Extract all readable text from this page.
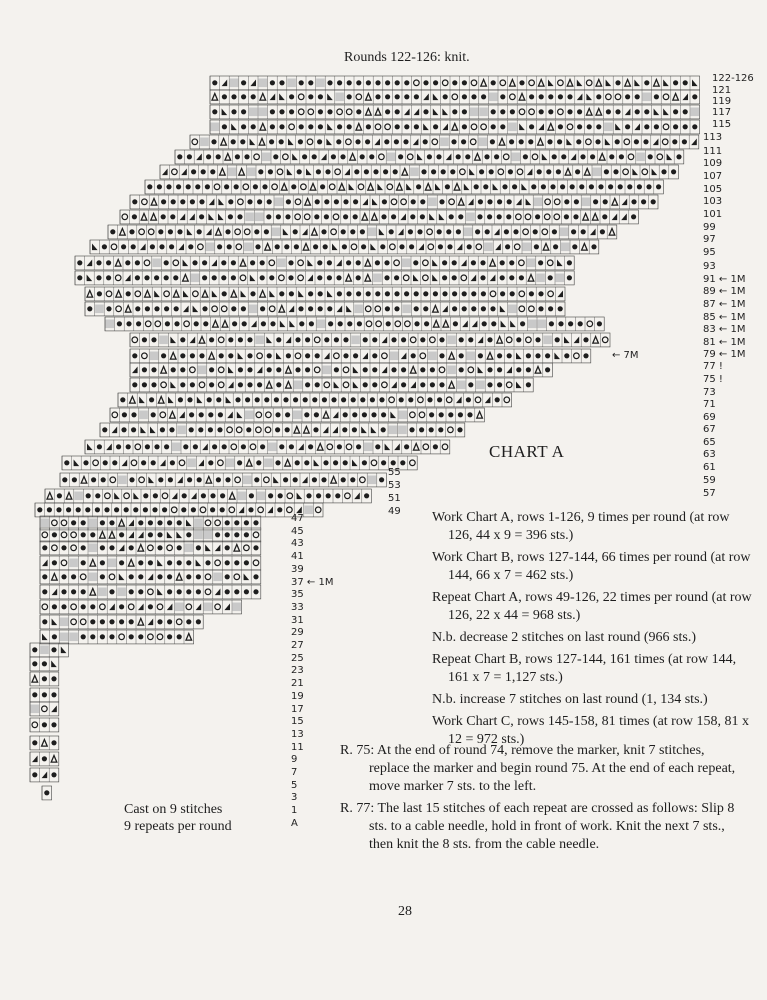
Rounds 122-126: knit.
122-126
121
119
117
115
113
111
109
107
105
103
101
99
97
95
93
91 ← 1M
89 ← 1M
87 ← 1M
85 ← 1M
83 ← 1M
81 ← 1M
79 ← 1M
77 !
75 !
73
71
69
67
65
63
61
59
57
← 7M
55
53
51
49
47
45
43
41
39
37 ← 1M
35
33
31
29
27
25
23
21
19
17
15
13
11
9
7
5
3
1
A
CHART A

Work Chart A, rows 1-126, 9 times per round (at row 126, 44 x 9 = 396 sts.)

Work Chart B, rows 127-144, 66 times per round (at row 144, 66 x 7 = 462 sts.)

Repeat Chart A, rows 49-126, 22 times per round (at row 126, 22 x 44 = 968 sts.)

N.b. decrease 2 stitches on last round (966 sts.)

Repeat Chart B, rows 127-144, 161 times (at row 144, 161 x 7 = 1,127 sts.)

N.b. increase 7 stitches on last round (1, 134 sts.)

Work Chart C, rows 145-158, 81 times (at row 158, 81 x 12 = 972 sts.)

R. 75: At the end of round 74, remove the marker, knit 7 stitches, replace the marker and begin round 75. At the end of each repeat, move marker 7 sts. to the left.

R. 77: The last 15 stitches of each repeat are crossed as follows: Slip 8 sts. to a cable needle, hold in front of work. Knit the next 7 sts., then knit the 8 sts. from the cable needle.

Cast on 9 stitches
9 repeats per round
28
